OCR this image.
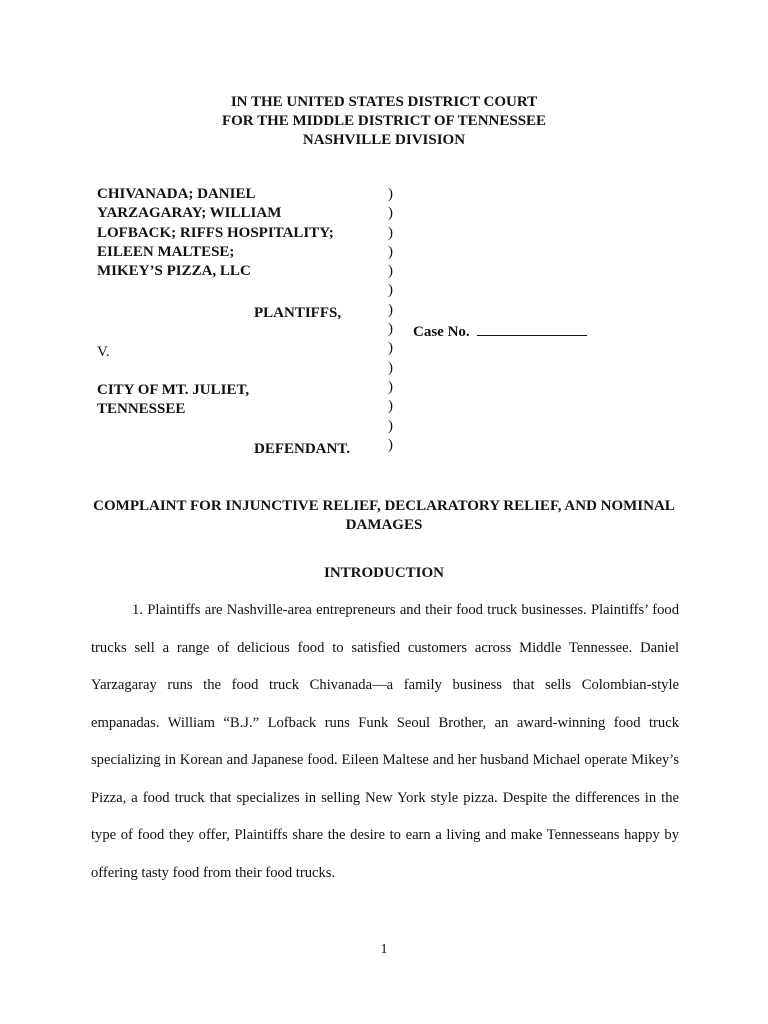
IN THE UNITED STATES DISTRICT COURT
FOR THE MIDDLE DISTRICT OF TENNESSEE
NASHVILLE DIVISION
CHIVANADA; DANIEL
YARZAGARAY; WILLIAM
LOFBACK; RIFFS HOSPITALITY;
EILEEN MALTESE;
MIKEY’S PIZZA, LLC
PLANTIFFS,
V.
CITY OF MT. JULIET,
TENNESSEE
DEFENDANT.
)
)
)
)
)
)
)
)
)
)
)
)
)
)
Case No.
COMPLAINT FOR INJUNCTIVE RELIEF, DECLARATORY RELIEF, AND NOMINAL DAMAGES
INTRODUCTION

1. Plaintiffs are Nashville-area entrepreneurs and their food truck businesses. Plaintiffs’ food trucks sell a range of delicious food to satisfied customers across Middle Tennessee. Daniel Yarzagaray runs the food truck Chivanada—a family business that sells Colombian-style empanadas. William “B.J.” Lofback runs Funk Seoul Brother, an award-winning food truck specializing in Korean and Japanese food. Eileen Maltese and her husband Michael operate Mikey’s Pizza, a food truck that specializes in selling New York style pizza. Despite the differences in the type of food they offer, Plaintiffs share the desire to earn a living and make Tennesseans happy by offering tasty food from their food trucks.

1
